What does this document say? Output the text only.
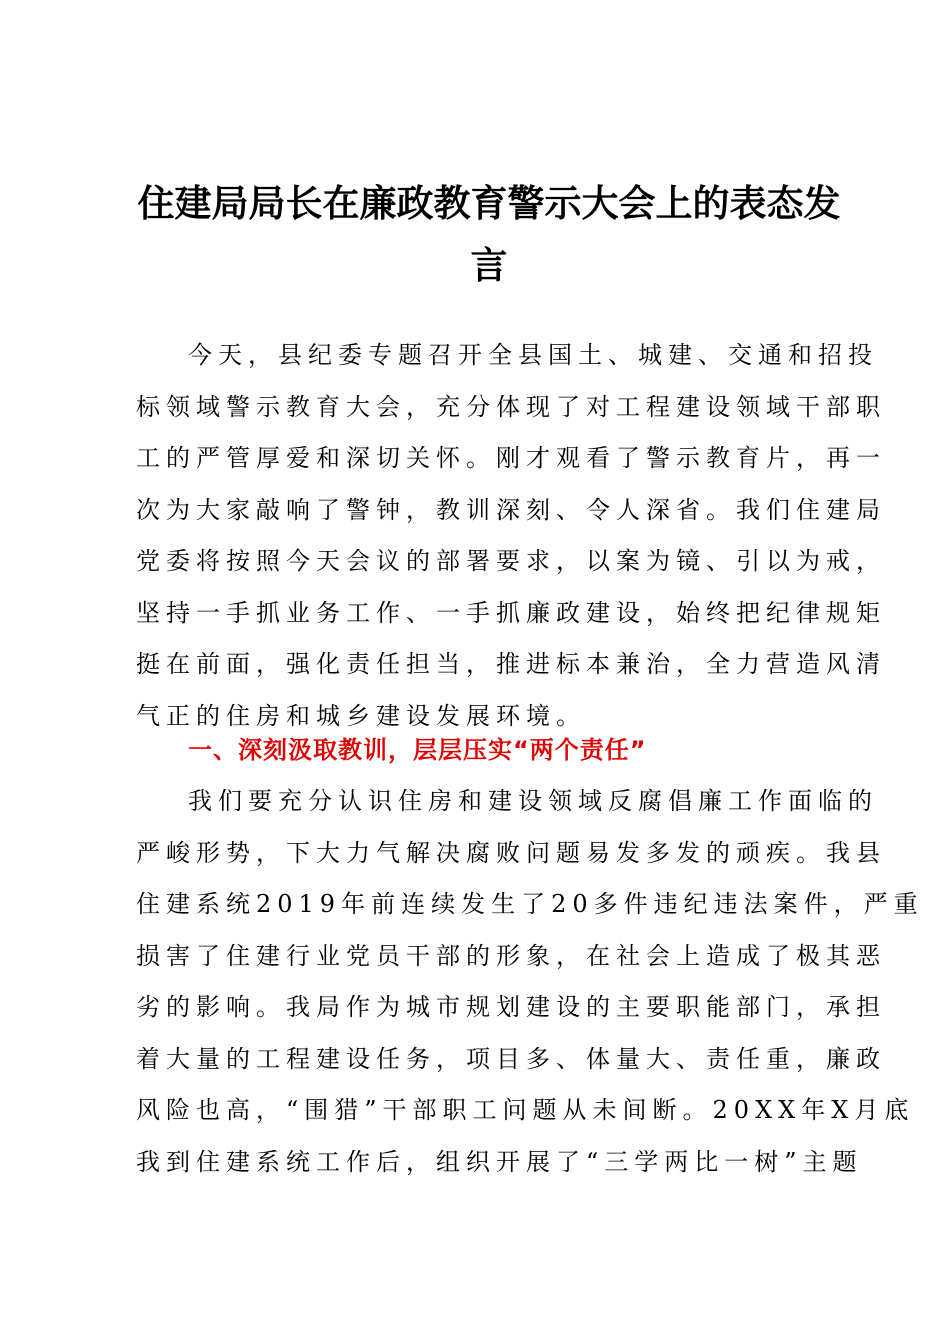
住建局局长在廉政教育警示大会上的表态发
言
今天，县纪委专题召开全县国土、城建、交通和招投
标领域警示教育大会，充分体现了对工程建设领域干部职
工的严管厚爱和深切关怀。刚才观看了警示教育片，再一
次为大家敲响了警钟，教训深刻、令人深省。我们住建局
党委将按照今天会议的部署要求，以案为镜、引以为戒，
坚持一手抓业务工作、一手抓廉政建设，始终把纪律规矩
挺在前面，强化责任担当，推进标本兼治，全力营造风清
气正的住房和城乡建设发展环境。
一、深刻汲取教训，层层压实“两个责任”
我们要充分认识住房和建设领域反腐倡廉工作面临的
严峻形势，下大力气解决腐败问题易发多发的顽疾。我县
住建系统2019年前连续发生了20多件违纪违法案件，严重
损害了住建行业党员干部的形象，在社会上造成了极其恶
劣的影响。我局作为城市规划建设的主要职能部门，承担
着大量的工程建设任务，项目多、体量大、责任重，廉政
风险也高，“围猎”干部职工问题从未间断。20XX年X月底
我到住建系统工作后，组织开展了“三学两比一树”主题
